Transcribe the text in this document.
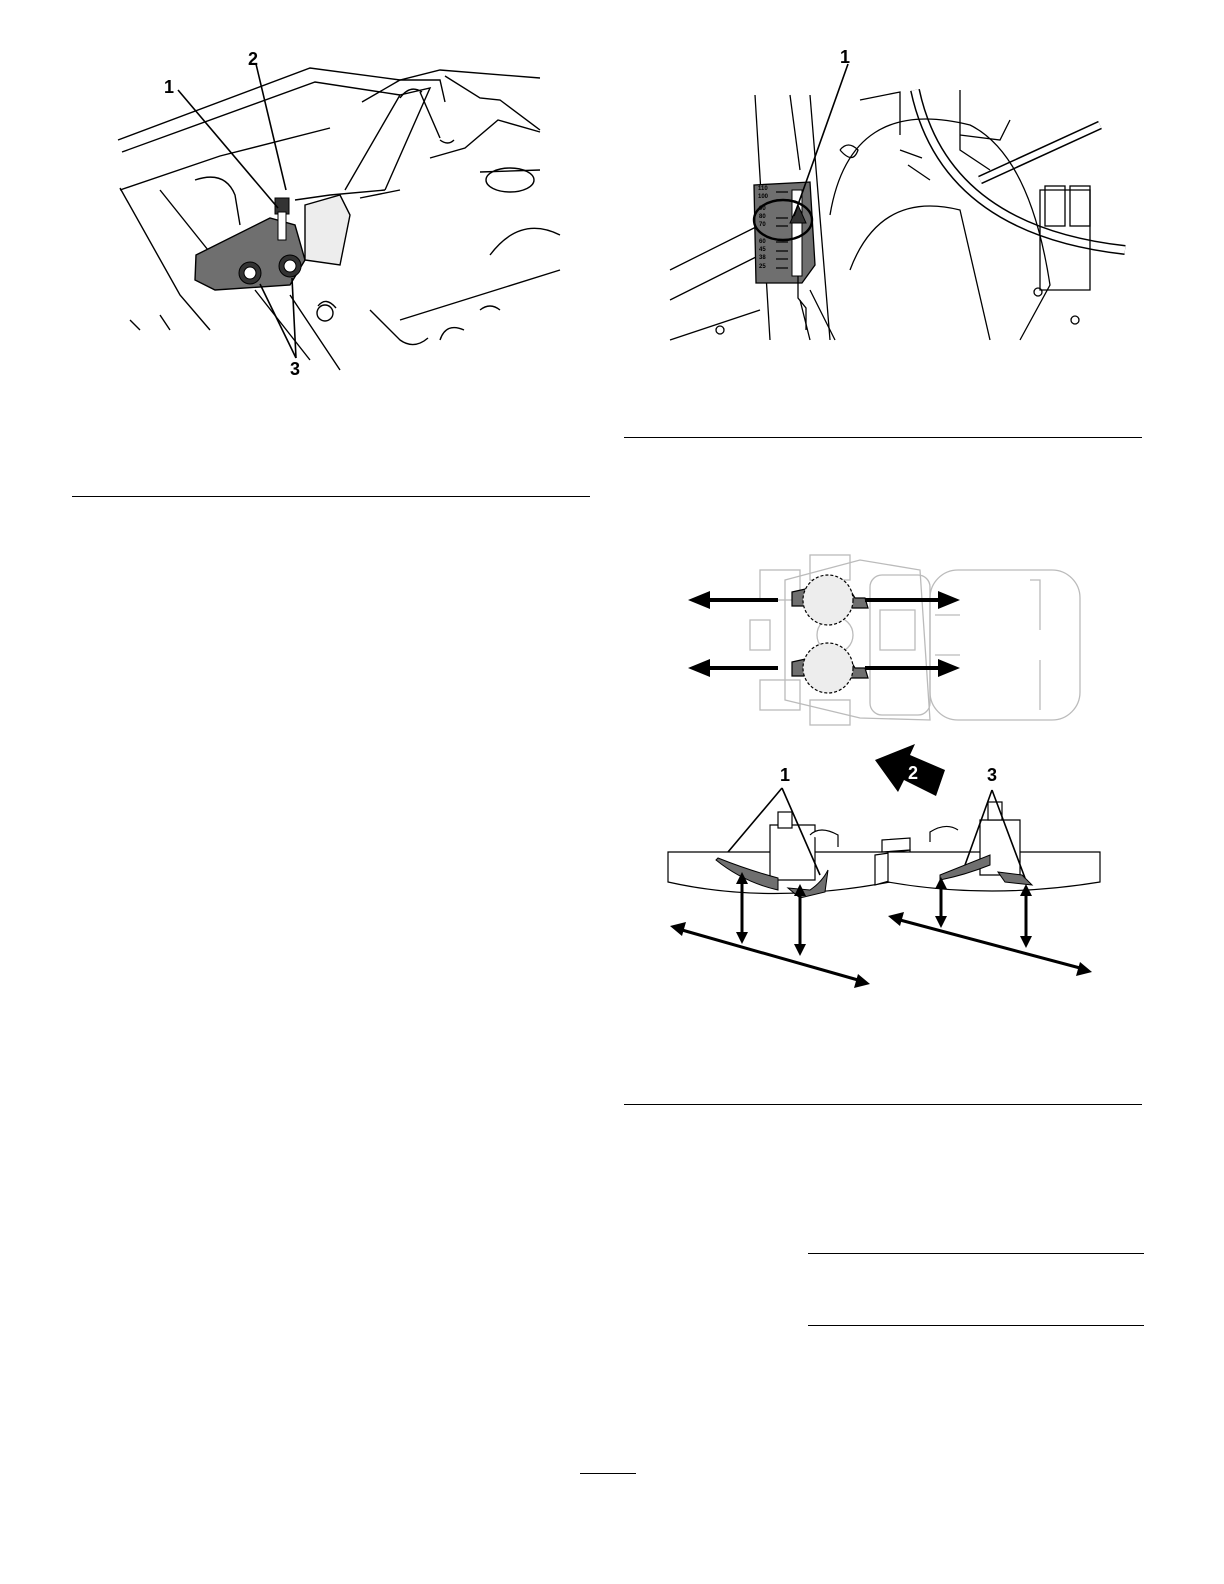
1
2
3
110
100
90
80
70
60
45
38
25
1
1	2	3
